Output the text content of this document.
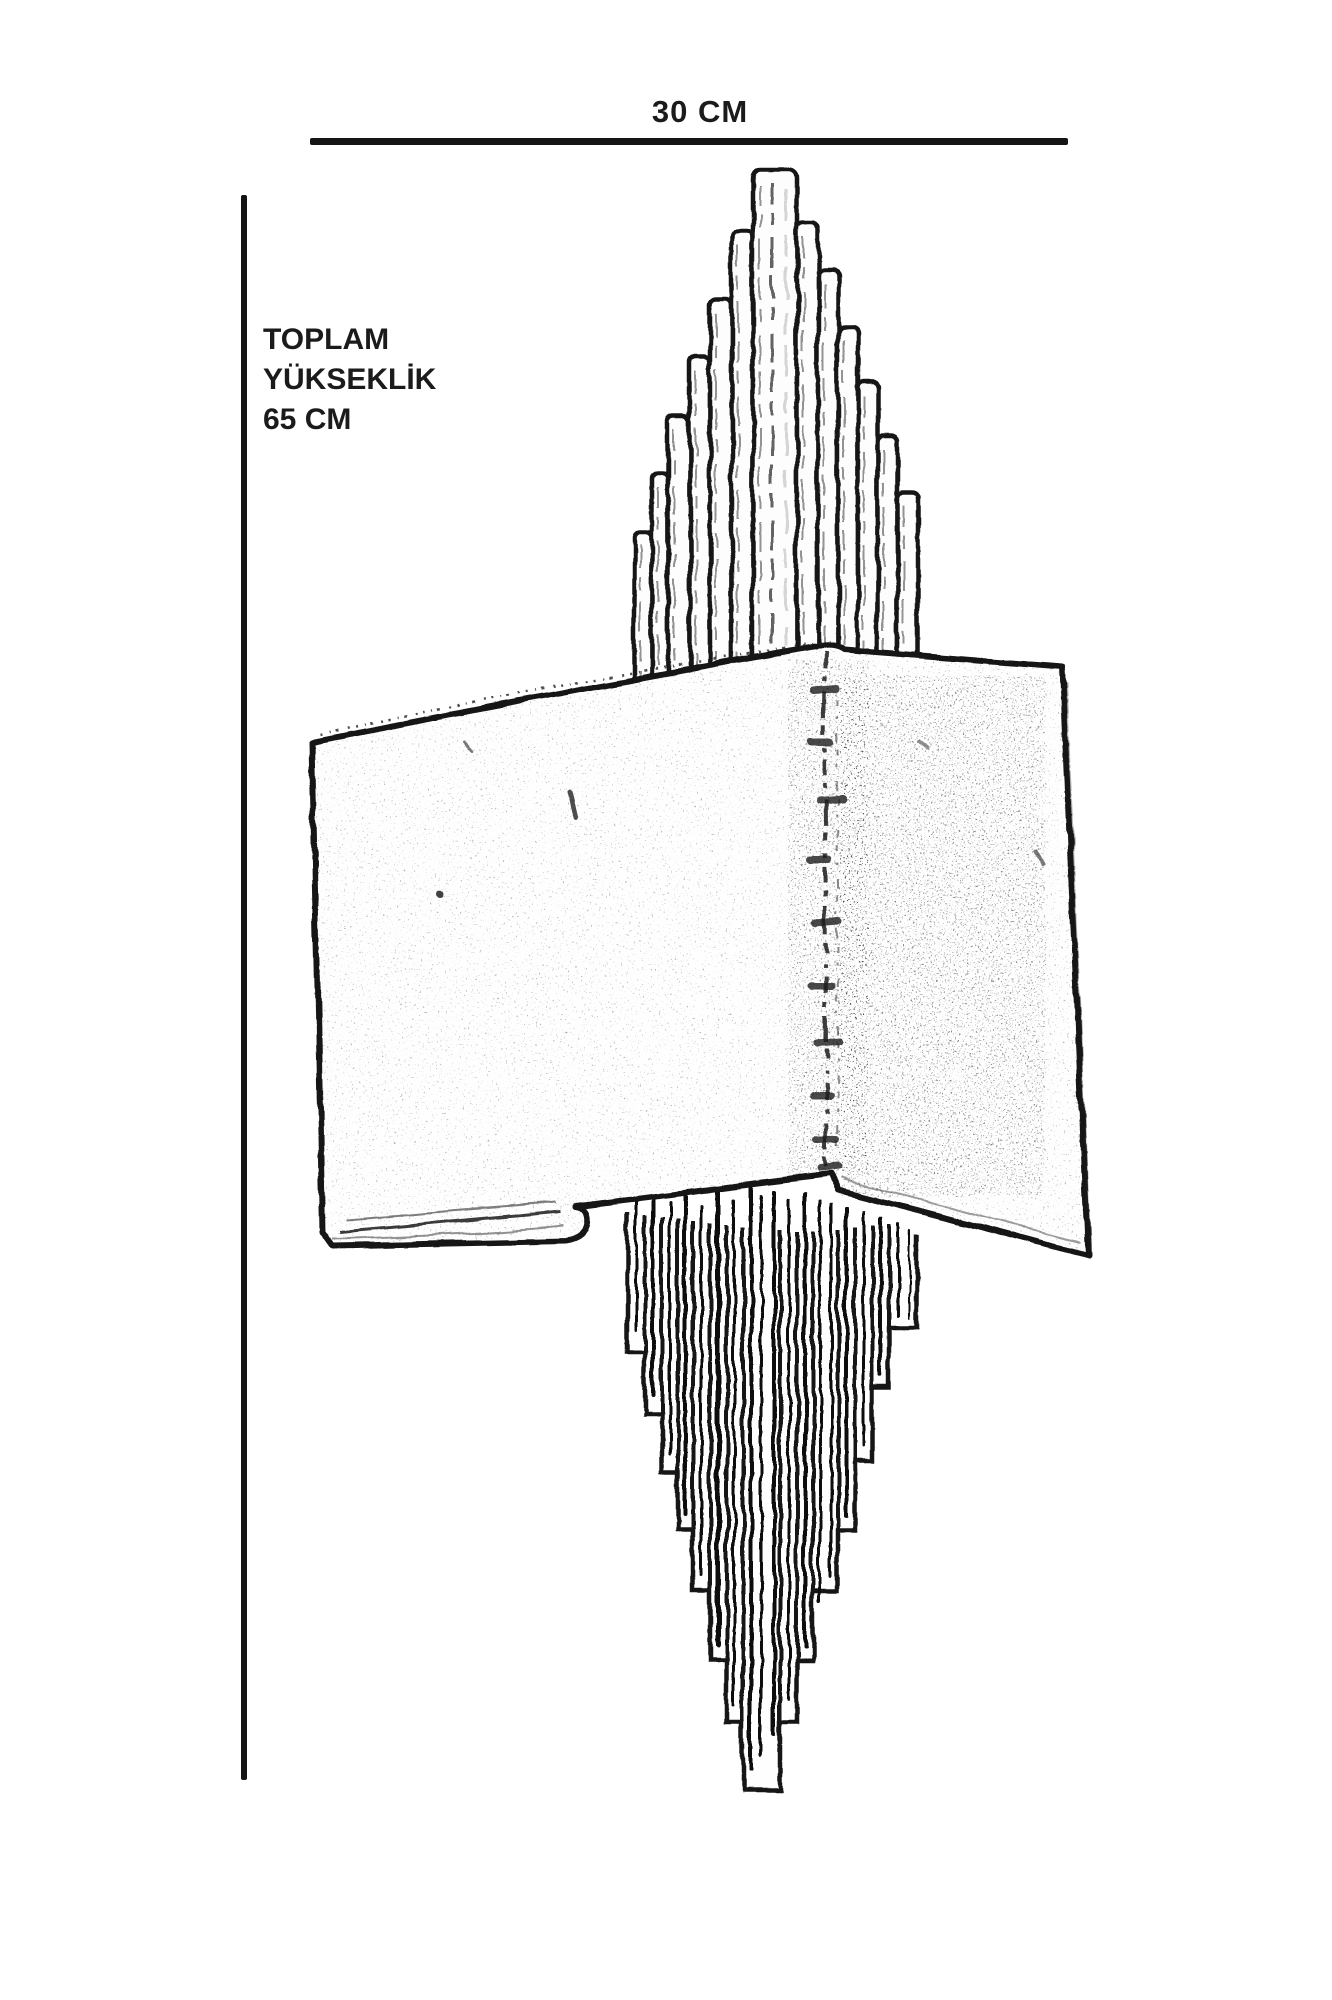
30 CM
TOPLAM
YÜKSEKLİK
65 CM
